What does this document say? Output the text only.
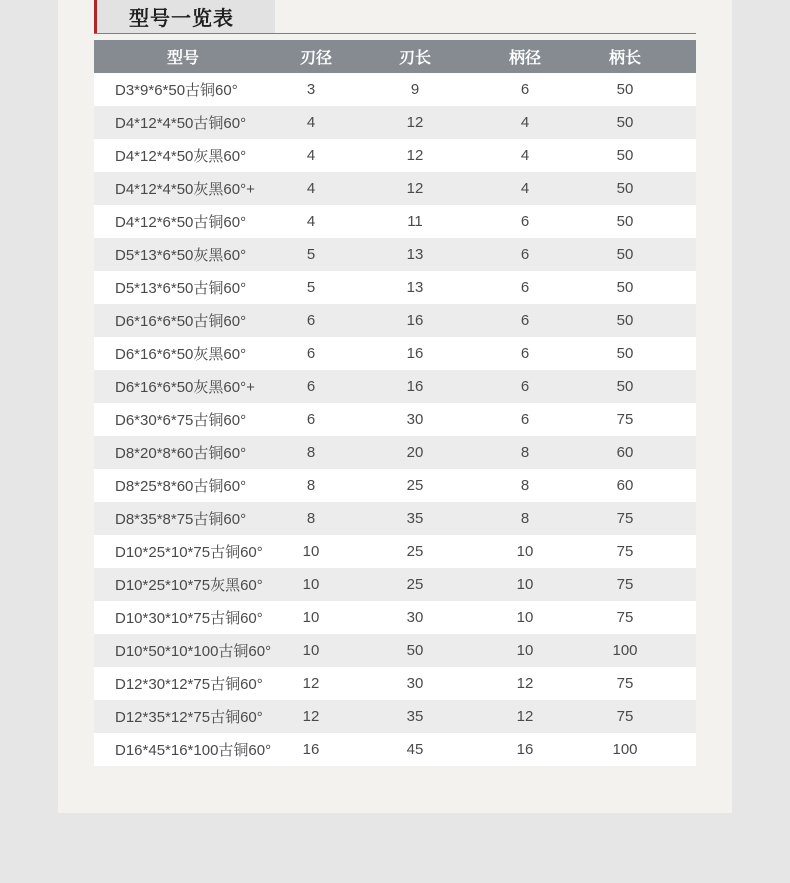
型号一览表
型号	刃径	刃长	柄径	柄长
D3*9*6*50古铜60°	3	9	6	50
D4*12*4*50古铜60°	4	12	4	50
D4*12*4*50灰黑60°	4	12	4	50
D4*12*4*50灰黑60°+	4	12	4	50
D4*12*6*50古铜60°	4	11	6	50
D5*13*6*50灰黑60°	5	13	6	50
D5*13*6*50古铜60°	5	13	6	50
D6*16*6*50古铜60°	6	16	6	50
D6*16*6*50灰黑60°	6	16	6	50
D6*16*6*50灰黑60°+	6	16	6	50
D6*30*6*75古铜60°	6	30	6	75
D8*20*8*60古铜60°	8	20	8	60
D8*25*8*60古铜60°	8	25	8	60
D8*35*8*75古铜60°	8	35	8	75
D10*25*10*75古铜60°	10	25	10	75
D10*25*10*75灰黑60°	10	25	10	75
D10*30*10*75古铜60°	10	30	10	75
D10*50*10*100古铜60°	10	50	10	100
D12*30*12*75古铜60°	12	30	12	75
D12*35*12*75古铜60°	12	35	12	75
D16*45*16*100古铜60°	16	45	16	100
